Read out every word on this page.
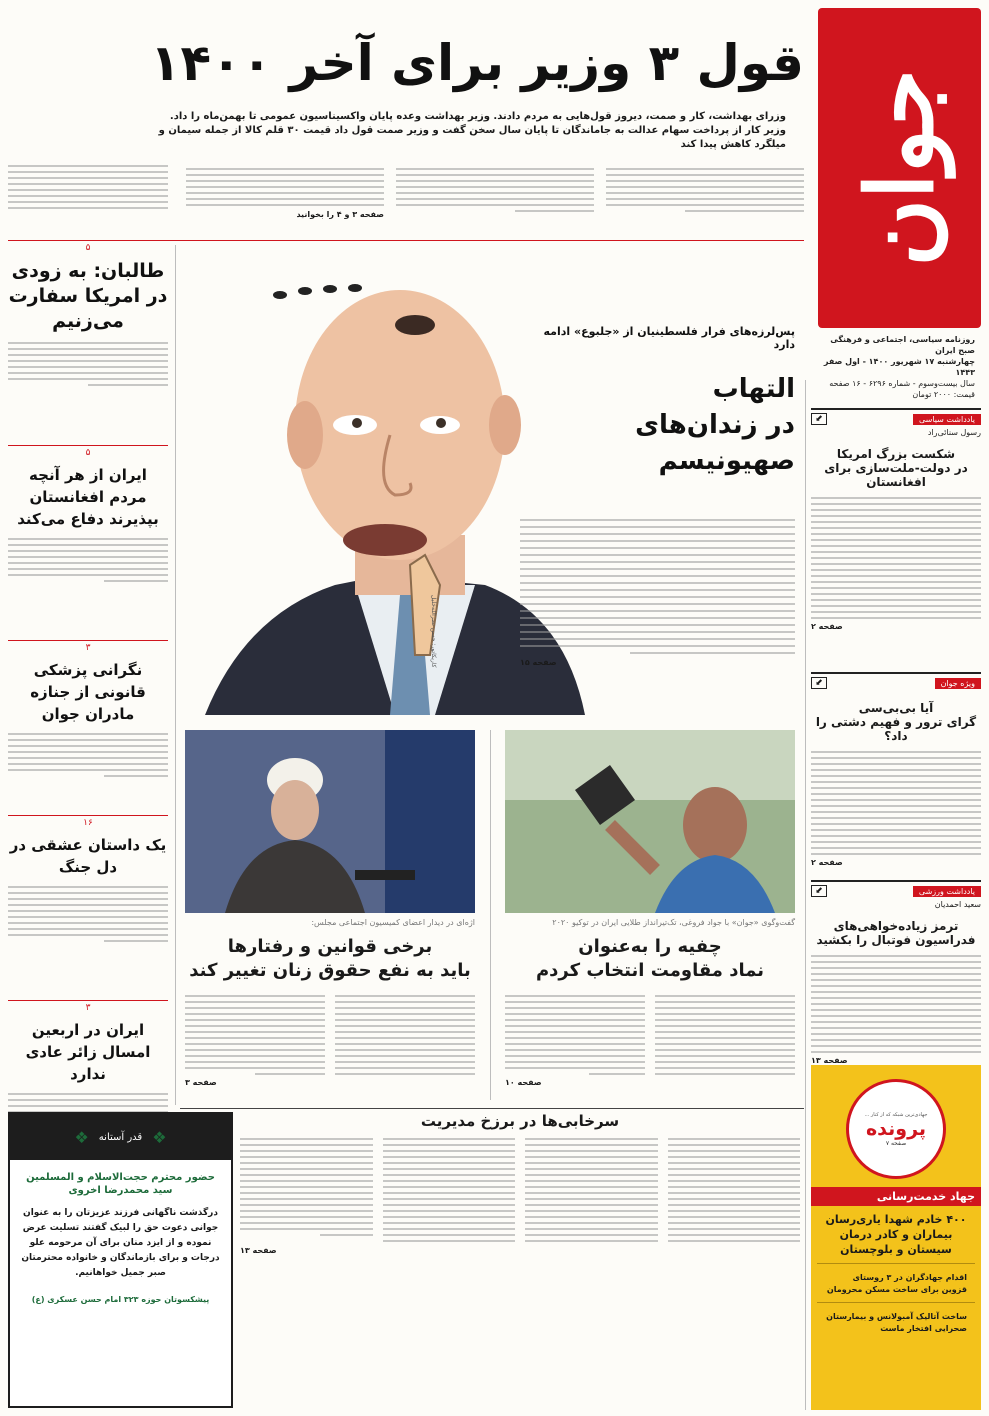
جوان
روزنامه سیاسی، اجتماعی و فرهنگی صبح ایران
چهارشنبه ۱۷ شهریور ۱۴۰۰ - اول صفر ۱۴۴۳
سال بیست‌وسوم - شماره ۶۲۹۶ - ۱۶ صفحه
قیمت: ۲۰۰۰ تومان
قول ۳ وزیر برای آخر ۱۴۰۰
وزرای بهداشت، کار و صمت، دیروز قول‌هایی به مردم دادند. وزیر بهداشت وعده پایان واکسیناسیون عمومی تا بهمن‌ماه را داد.
وزیر کار از پرداخت سهام عدالت به جاماندگان تا پایان سال سخن گفت و وزیر صمت قول داد قیمت ۳۰ قلم کالا از جمله سیمان و میلگرد کاهش پیدا کند
صفحه ۳ و ۴ را بخوانید
۵
طالبان: به زودی در امریکا سفارت می‌زنیم
۵
ایران از هر آنچه مردم افغانستان بپذیرند دفاع می‌کند
۳
نگرانی پزشکی قانونی از جنازه مادران جوان
۱۶
یک داستان عشقی در دل جنگ
۳
ایران در اربعین امسال زائر عادی ندارد
کاریکاتور: حسن نصرالله‌خلیل
پس‌لرزه‌های فرار فلسطینیان از «جلبوع» ادامه دارد
التهاب
در زندان‌های صهیونیسم
صفحه ۱۵
گفت‌وگوی «جوان» با جواد فروغی، تک‌تیرانداز طلایی ایران در توکیو ۲۰۲۰
چفیه را به‌عنوان
نماد مقاومت انتخاب کردم
صفحه ۱۰
اژه‌ای در دیدار اعضای کمیسیون اجتماعی مجلس:
برخی قوانین و رفتارها
باید به نفع حقوق زنان تغییر کند
صفحه ۳
یادداشت سیاسی
⬋
رسول سنائی‌راد
شکست بزرگ امریکا
در دولت-ملت‌سازی برای افغانستان
صفحه ۲
ویژه جوان
⬋
آیا بی‌بی‌سی
گرای ترور و فهیم دشتی را داد؟
صفحه ۲
یادداشت ورزشی
⬋
سعید احمدیان
ترمز زیاده‌خواهی‌های
فدراسیون فوتبال را بکشید
صفحه ۱۳
جهادی‌ترین شبکه که از کنار ...
پرونده
صفحه ۷
جهاد خدمت‌رسانی
۴۰۰ خادم شهدا یاری‌رسان بیماران و کادر درمان سیستان و بلوچستان
اقدام جهادگران در ۳ روستای قزوین برای ساخت مسکن محرومان
ساخت آتالیک آمبولانس و بیمارستان صحرایی افتخار ماست
سرخابی‌ها در برزخ مدیریت
صفحه ۱۳
❖
قدر آستانه
❖
حضور محترم حجت‌الاسلام و المسلمین
سید محمدرضا اخروی
درگذشت ناگهانی فرزند عزیزتان را به عنوان جوانی دعوت حق را لبیک گفتند تسلیت عرض نموده و از ایزد منان برای آن مرحومه علو درجات و برای بازماندگان و خانواده محترمتان صبر جمیل خواهانیم.
پیشکسوتان حوزه ۳۲۳ امام حسن عسکری (ع)
